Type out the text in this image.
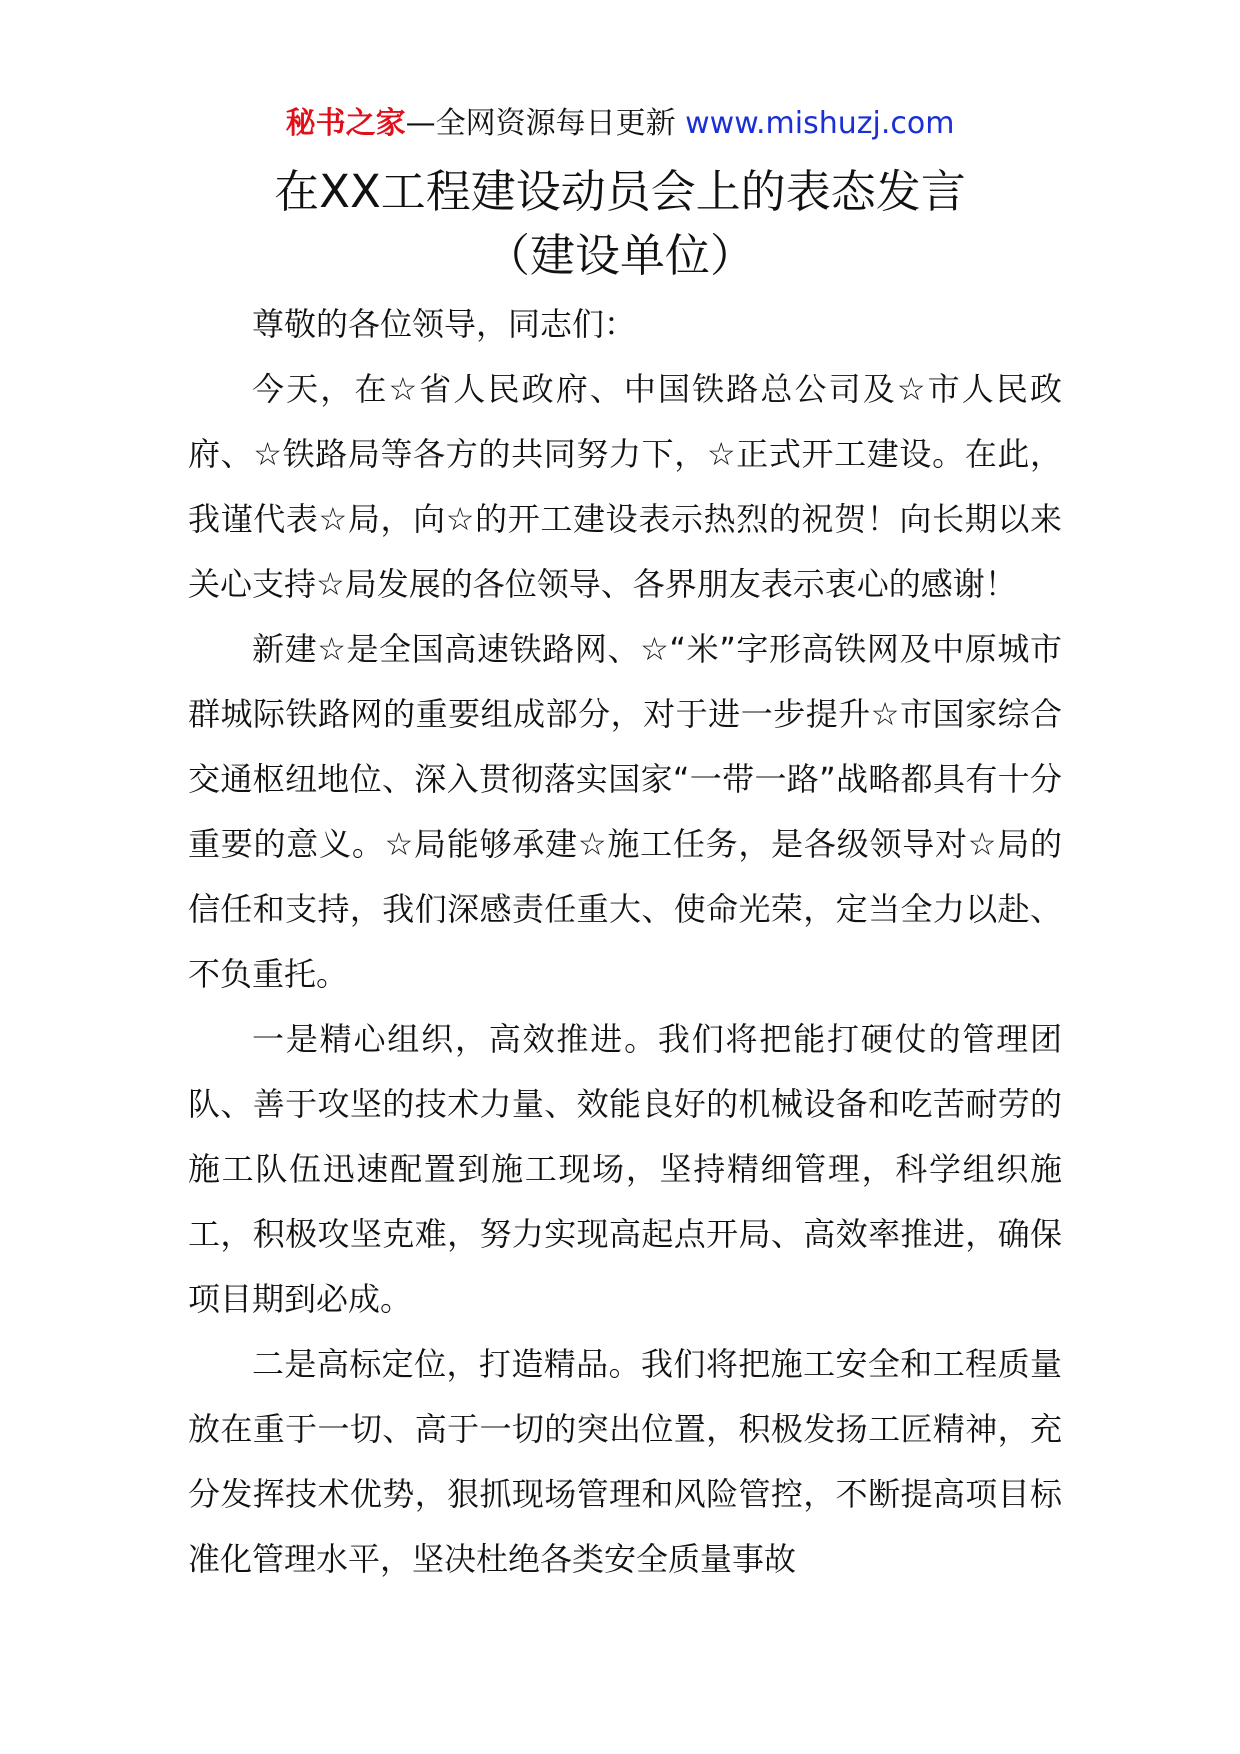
秘书之家—全网资源每日更新 www.mishuzj.com
在XX工程建设动员会上的表态发言
（建设单位）

尊敬的各位领导，同志们：

今天，在☆省人民政府、中国铁路总公司及☆市人民政府、☆铁路局等各方的共同努力下，☆正式开工建设。在此，我谨代表☆局，向☆的开工建设表示热烈的祝贺！向长期以来关心支持☆局发展的各位领导、各界朋友表示衷心的感谢！

新建☆是全国高速铁路网、☆“米”字形高铁网及中原城市群城际铁路网的重要组成部分，对于进一步提升☆市国家综合交通枢纽地位、深入贯彻落实国家“一带一路”战略都具有十分重要的意义。☆局能够承建☆施工任务，是各级领导对☆局的信任和支持，我们深感责任重大、使命光荣，定当全力以赴、不负重托。

一是精心组织，高效推进。我们将把能打硬仗的管理团队、善于攻坚的技术力量、效能良好的机械设备和吃苦耐劳的施工队伍迅速配置到施工现场，坚持精细管理，科学组织施工，积极攻坚克难，努力实现高起点开局、高效率推进，确保项目期到必成。

二是高标定位，打造精品。我们将把施工安全和工程质量放在重于一切、高于一切的突出位置，积极发扬工匠精神，充分发挥技术优势，狠抓现场管理和风险管控，不断提高项目标准化管理水平，坚决杜绝各类安全质量事故
